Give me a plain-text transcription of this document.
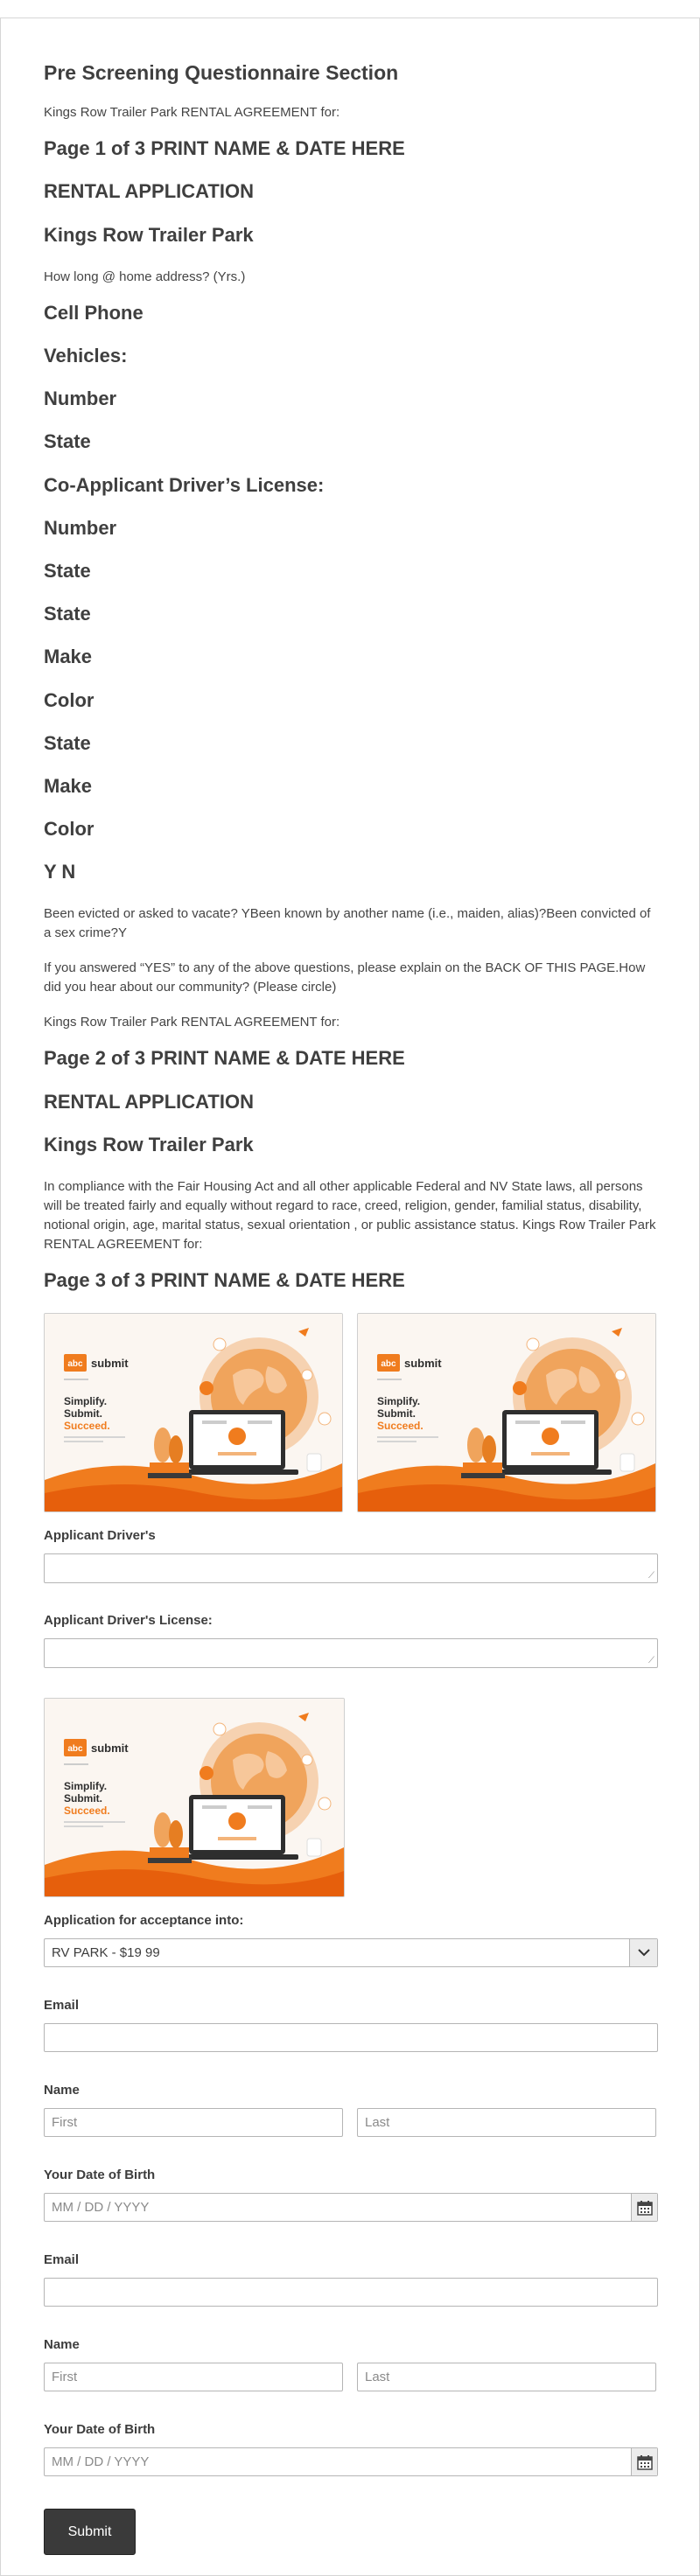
Pre Screening Questionnaire Section

Kings Row Trailer Park RENTAL AGREEMENT for:

Page 1 of 3 PRINT NAME & DATE HERE
RENTAL APPLICATION
Kings Row Trailer Park

How long @ home address? (Yrs.)

Cell Phone
Vehicles:
Number
State
Co-Applicant Driver’s License:
Number
State
State
Make
Color
State
Make
Color
Y N

Been evicted or asked to vacate? YBeen known by another name (i.e., maiden, alias)?Been convicted of a sex crime?Y

If you answered “YES” to any of the above questions, please explain on the BACK OF THIS PAGE.How did you hear about our community? (Please circle)

Kings Row Trailer Park RENTAL AGREEMENT for:

Page 2 of 3 PRINT NAME & DATE HERE
RENTAL APPLICATION
Kings Row Trailer Park

In compliance with the Fair Housing Act and all other applicable Federal and NV State laws, all persons will be treated fairly and equally without regard to race, creed, religion, gender, familial status, disability, notional origin, age, marital status, sexual orientation , or public assistance status. Kings Row Trailer Park RENTAL AGREEMENT for:

Page 3 of 3 PRINT NAME & DATE HERE
abc submit
Simplify.
Submit.
Succeed.
abc submit
Simplify.
Submit.
Succeed.
Applicant Driver's
⟋
Applicant Driver's License:
⟋
abc submit
Simplify.
Submit.
Succeed.
Application for acceptance into:
RV PARK - $19 99
Email
Name
First	Last
Your Date of Birth
MM / DD / YYYY
Email
Name
First	Last
Your Date of Birth
MM / DD / YYYY
Submit
